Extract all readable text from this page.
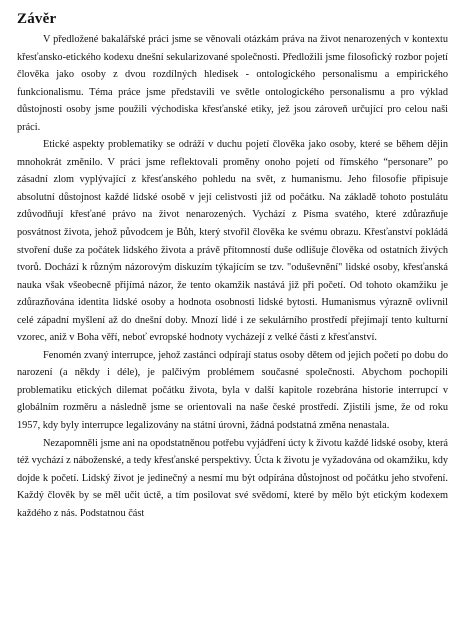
Závěr

V předložené bakalářské práci jsme se věnovali otázkám práva na život nenarozených v kontextu křesťansko-etického kodexu dnešní sekularizované společnosti. Předložili jsme filosofický rozbor pojetí člověka jako osoby z dvou rozdílných hledisek - ontologického personalismu a empirického funkcionalismu. Téma práce jsme představili ve světle ontologického personalismu a pro výklad důstojnosti osoby jsme použili východiska křesťanské etiky, jež jsou zároveň určující pro celou naši práci.

Etické aspekty problematiky se odráží v duchu pojetí člověka jako osoby, které se během dějin mnohokrát změnilo. V práci jsme reflektovali proměny onoho pojetí od římského “personare” po zásadní zlom vyplývající z křesťanského pohledu na svět, z humanismu. Jeho filosofie připisuje absolutní důstojnost každé lidské osobě v její celistvosti již od počátku. Na základě tohoto postulátu zdůvodňují křesťané právo na život nenarozených. Vychází z Písma svatého, které zdůrazňuje posvátnost života, jehož původcem je Bůh, který stvořil člověka ke svému obrazu. Křesťanství pokládá stvoření duše za počátek lidského života a právě přítomností duše odlišuje člověka od ostatních živých tvorů. Dochází k různým názorovým diskuzím týkajícím se tzv. "oduševnění" lidské osoby, křesťanská nauka však všeobecně přijímá názor, že tento okamžik nastává již při početí. Od tohoto okamžiku je zdůrazňována identita lidské osoby a hodnota osobnosti lidské bytosti. Humanismus výrazně ovlivnil celé západní myšlení až do dnešní doby. Mnozí lidé i ze sekulárního prostředí přejímají tento kulturní vzorec, aniž v Boha věří, neboť evropské hodnoty vycházejí z velké části z křesťanství.

Fenomén zvaný interrupce, jehož zastánci odpírají status osoby dětem od jejich početí po dobu do narození (a někdy i déle), je palčivým problémem současné společnosti. Abychom pochopili problematiku etických dilemat počátku života, byla v další kapitole rozebrána historie interrupcí v globálním rozměru a následně jsme se orientovali na naše české prostředí. Zjistili jsme, že od roku 1957, kdy byly interrupce legalizovány na státní úrovni, žádná podstatná změna nenastala.

Nezapomněli jsme ani na opodstatněnou potřebu vyjádření úcty k životu každé lidské osoby, která též vychází z náboženské, a tedy křesťanské perspektivy. Úcta k životu je vyžadována od okamžiku, kdy dojde k početí. Lidský život je jedinečný a nesmí mu být odpírána důstojnost od počátku jeho stvoření. Každý člověk by se měl učit úctě, a tím posilovat své svědomí, které by mělo být etickým kodexem každého z nás. Podstatnou část
